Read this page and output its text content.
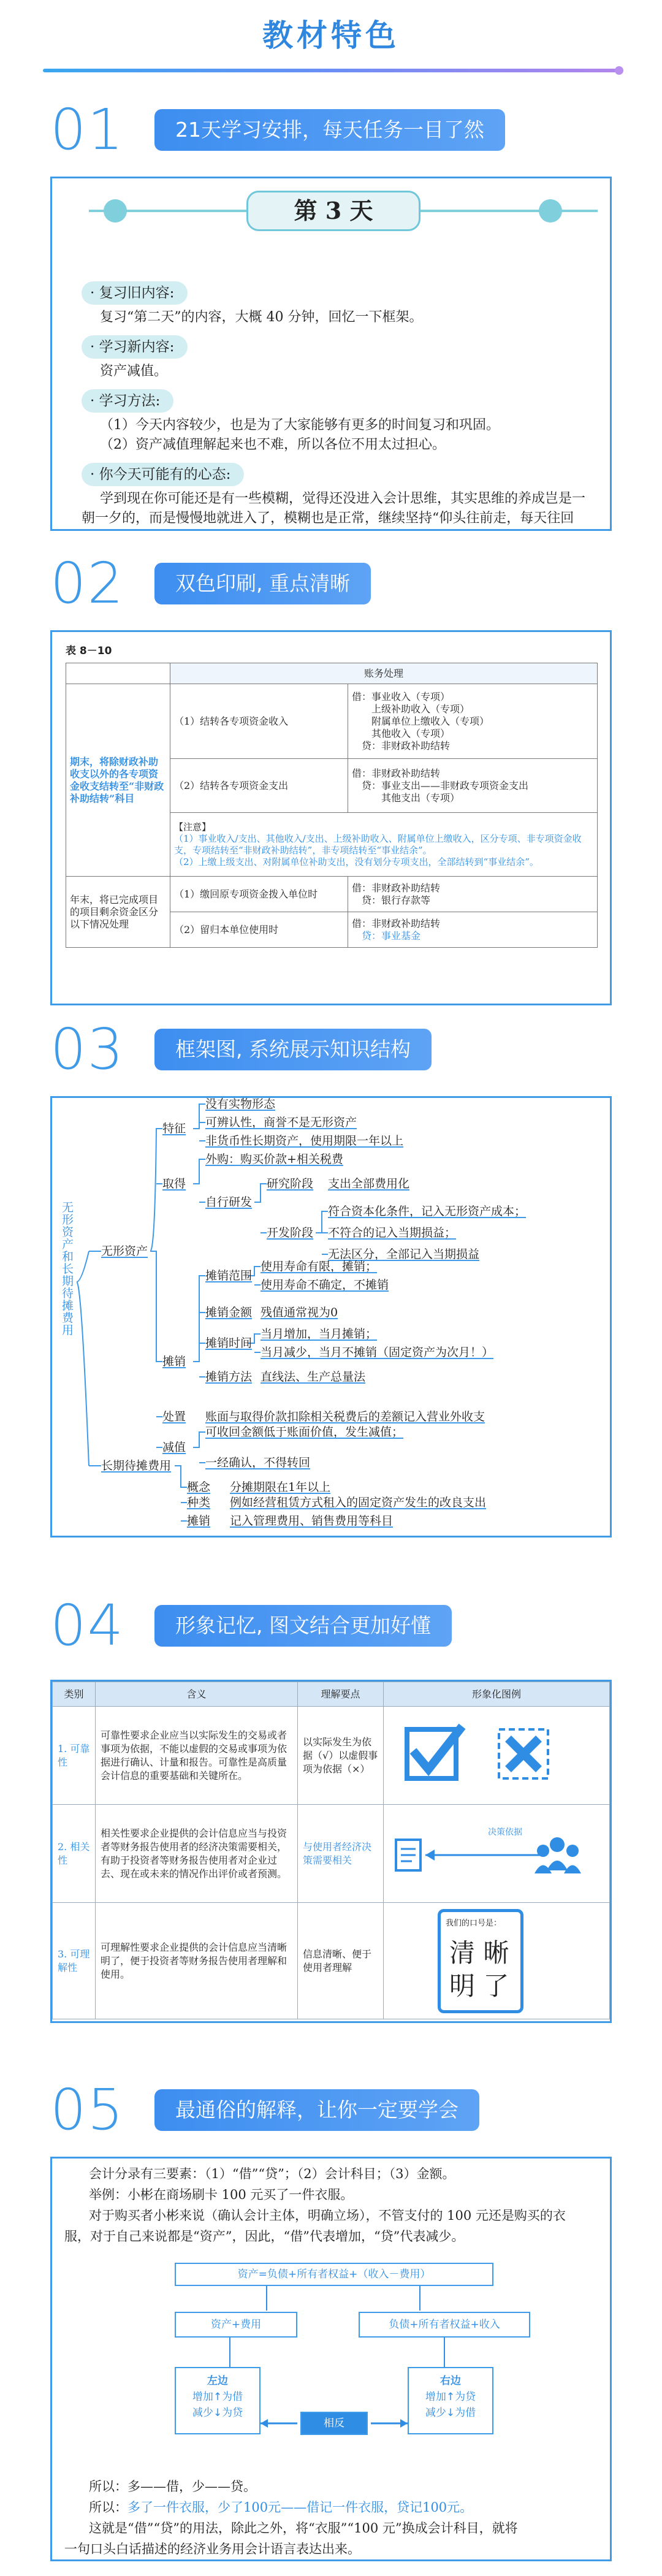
教材特色
01	21天学习安排，每天任务一目了然
第 3 天
· 复习旧内容:
复习“第二天”的内容，大概 40 分钟，回忆一下框架。
· 学习新内容:
资产减值。
· 学习方法:
（1）今天内容较少，也是为了大家能够有更多的时间复习和巩固。
（2）资产减值理解起来也不难，所以各位不用太过担心。
· 你今天可能有的心态:
学到现在你可能还是有一些模糊，觉得还没进入会计思维，其实思维的养成岂是一
朝一夕的，而是慢慢地就进入了，模糊也是正常，继续坚持“仰头往前走，每天往回
02	双色印刷, 重点清晰
表 8－10
	账务处理	
期末，将除财政补助收支以外的各专项资金收支结转至“非财政补助结转”科目	（1）结转各专项资金收入	借：事业收入（专项）
　　上级补助收入（专项）
　　附属单位上缴收入（专项）
　　其他收入（专项）
　贷：非财政补助结转

	（2）结转各专项资金支出	借：非财政补助结转
　贷：事业支出——非财政专项资金支出
　　　其他支出（专项）

	【注意】
（1）事业收入/支出、其他收入/支出、上级补助收入、附属单位上缴收入，区分专项、非专项资金收支，专项结转至“非财政补助结转”，非专项结转至“事业结余”。
（2）上缴上级支出、对附属单位补助支出，没有划分专项支出，全部结转到“事业结余”。	

年末，将已完成项目的项目剩余资金区分以下情况处理	（1）缴回原专项资金拨入单位时	借：非财政补助结转
　贷：银行存款等

	（2）留归本单位使用时	借：非财政补助结转
　贷：事业基金
03	框架图, 系统展示知识结构
无形资产和长期待摊费用
无形资产
特征
没有实物形态
可辨认性，商誉不是无形资产
非货币性长期资产，使用期限一年以上
取得
外购：购买价款+相关税费
自行研发
研究阶段 支出全部费用化
开发阶段
符合资本化条件，记入无形资产成本；
不符合的记入当期损益；
无法区分，全部记入当期损益
摊销
摊销范围
使用寿命有限，摊销；
使用寿命不确定，不摊销
摊销金额 残值通常视为0
摊销时间
当月增加，当月摊销；
当月减少，当月不摊销（固定资产为次月！）
摊销方法 直线法、生产总量法
处置 账面与取得价款扣除相关税费后的差额记入营业外收支
减值
可收回金额低于账面价值，发生减值；
一经确认，不得转回
长期待摊费用
概念 分摊期限在1年以上
种类 例如经营租赁方式租入的固定资产发生的改良支出
摊销 记入管理费用、销售费用等科目
04	形象记忆, 图文结合更加好懂
类别	含义	理解要点	形象化图例
1. 可靠性	可靠性要求企业应当以实际发生的交易或者事项为依据，不能以虚假的交易或事项为依据进行确认、计量和报告。可靠性是高质量会计信息的重要基础和关键所在。	以实际发生为依据（√）以虚假事项为依据（×）	
2. 相关性	相关性要求企业提供的会计信息应当与投资者等财务报告使用者的经济决策需要相关，有助于投资者等财务报告使用者对企业过去、现在或未来的情况作出评价或者预测。	与使用者经济决策需要相关	决策依据

3. 可理解性	可理解性要求企业提供的会计信息应当清晰明了，便于投资者等财务报告使用者理解和使用。	信息清晰、便于使用者理解	我们的口号是：
清 晰
明 了
05	最通俗的解释，让你一定要学会
会计分录有三要素：（1）“借”“贷”；（2）会计科目；（3）金额。
举例：小彬在商场刷卡 100 元买了一件衣服。
对于购买者小彬来说（确认会计主体，明确立场），不管支付的 100 元还是购买的衣
服，对于自己来说都是“资产”，因此，“借”代表增加，“贷”代表减少。
资产=负债+所有者权益+（收入－费用）
资产+费用	负债+所有者权益+收入
左边
增加↑为借
减少↓为贷
相反
右边
增加↑为贷
减少↓为借
所以：多——借，少——贷。
所以：多了一件衣服，少了100元——借记一件衣服，贷记100元。
这就是“借”“贷”的用法，除此之外，将“衣服”“100 元”换成会计科目，就将
一句口头白话描述的经济业务用会计语言表达出来。
